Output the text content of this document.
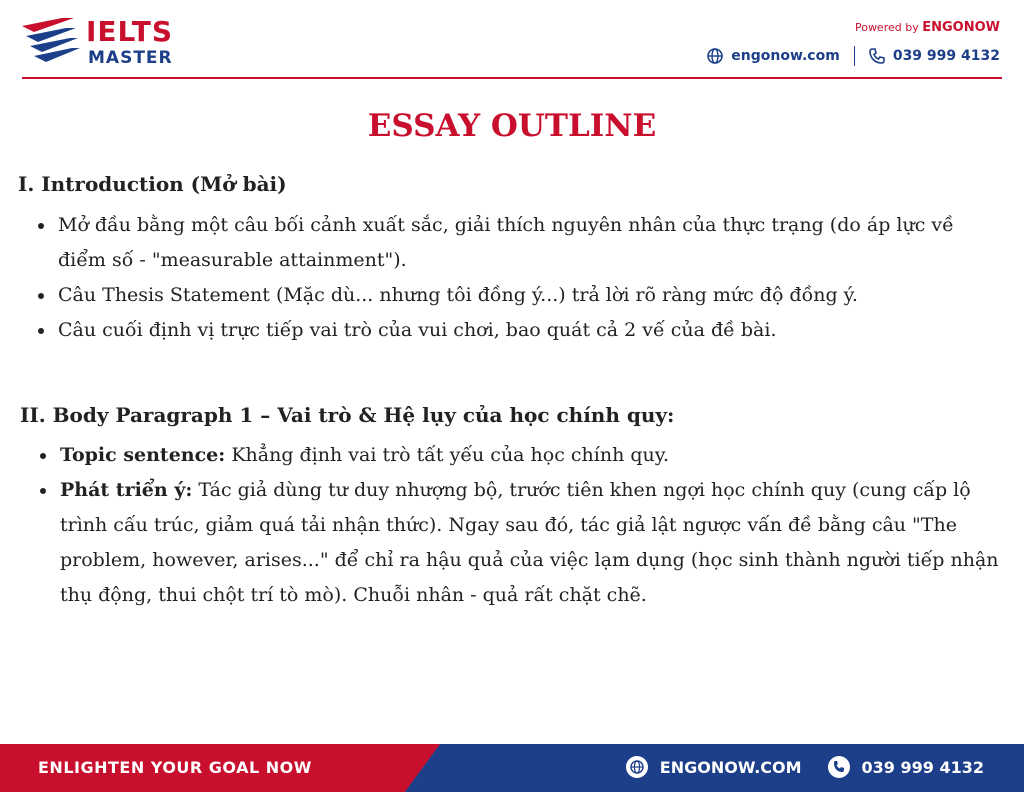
IELTS
MASTER
Powered by ENGONOW
engonow.com	039 999 4132
ESSAY OUTLINE
I. Introduction (Mở bài)
Mở đầu bằng một câu bối cảnh xuất sắc, giải thích nguyên nhân của thực trạng (do áp lực về điểm số - "measurable attainment").
Câu Thesis Statement (Mặc dù... nhưng tôi đồng ý...) trả lời rõ ràng mức độ đồng ý.
Câu cuối định vị trực tiếp vai trò của vui chơi, bao quát cả 2 vế của đề bài.
II. Body Paragraph 1 – Vai trò & Hệ lụy của học chính quy:
Topic sentence: Khẳng định vai trò tất yếu của học chính quy.
Phát triển ý: Tác giả dùng tư duy nhượng bộ, trước tiên khen ngợi học chính quy (cung cấp lộ trình cấu trúc, giảm quá tải nhận thức). Ngay sau đó, tác giả lật ngược vấn đề bằng câu "The problem, however, arises..." để chỉ ra hậu quả của việc lạm dụng (học sinh thành người tiếp nhận thụ động, thui chột trí tò mò). Chuỗi nhân - quả rất chặt chẽ.
ENLIGHTEN YOUR GOAL NOW	ENGONOW.COM	039 999 4132
